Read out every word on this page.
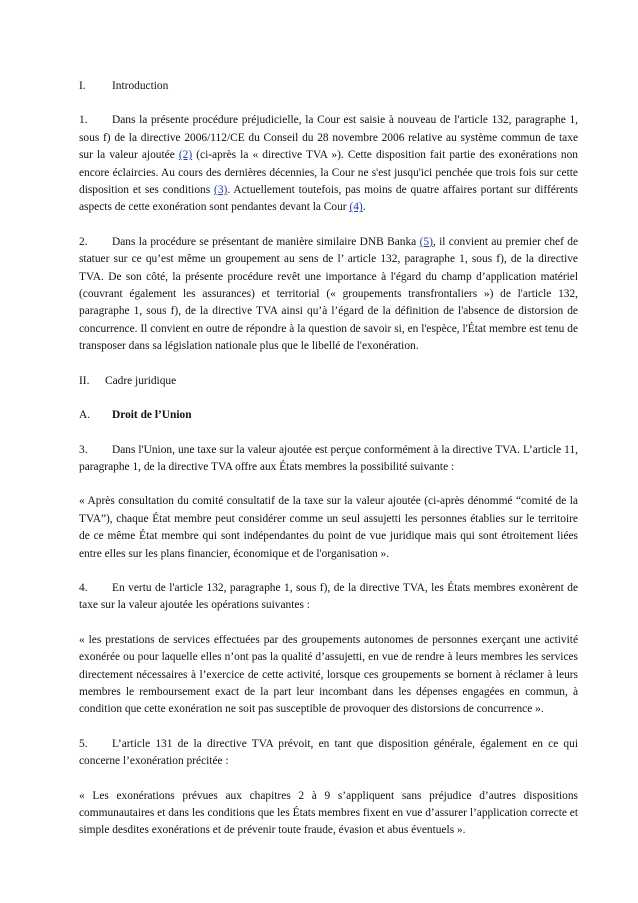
I. Introduction

1. Dans la présente procédure préjudicielle, la Cour est saisie à nouveau de l'article 132, paragraphe 1, sous f) de la directive 2006/112/CE du Conseil du 28 novembre 2006 relative au système commun de taxe sur la valeur ajoutée (2) (ci-après la « directive TVA »). Cette disposition fait partie des exonérations non encore éclaircies. Au cours des dernières décennies, la Cour ne s'est jusqu'ici penchée que trois fois sur cette disposition et ses conditions (3). Actuellement toutefois, pas moins de quatre affaires portant sur différents aspects de cette exonération sont pendantes devant la Cour (4).

2. Dans la procédure se présentant de manière similaire DNB Banka (5), il convient au premier chef de statuer sur ce qu’est même un groupement au sens de l’ article 132, paragraphe 1, sous f), de la directive TVA. De son côté, la présente procédure revêt une importance à l'égard du champ d’application matériel (couvrant également les assurances) et territorial (« groupements transfrontaliers ») de l'article 132, paragraphe 1, sous f), de la directive TVA ainsi qu’à l’égard de la définition de l'absence de distorsion de concurrence. Il convient en outre de répondre à la question de savoir si, en l'espèce, l'État membre est tenu de transposer dans sa législation nationale plus que le libellé de l'exonération.

II. Cadre juridique

A. Droit de l’Union

3. Dans l'Union, une taxe sur la valeur ajoutée est perçue conformément à la directive TVA. L’article 11, paragraphe 1, de la directive TVA offre aux États membres la possibilité suivante :

« Après consultation du comité consultatif de la taxe sur la valeur ajoutée (ci-après dénommé “comité de la TVA”), chaque État membre peut considérer comme un seul assujetti les personnes établies sur le territoire de ce même État membre qui sont indépendantes du point de vue juridique mais qui sont étroitement liées entre elles sur les plans financier, économique et de l'organisation ».

4. En vertu de l'article 132, paragraphe 1, sous f), de la directive TVA, les États membres exonèrent de taxe sur la valeur ajoutée les opérations suivantes :

« les prestations de services effectuées par des groupements autonomes de personnes exerçant une activité exonérée ou pour laquelle elles n’ont pas la qualité d’assujetti, en vue de rendre à leurs membres les services directement nécessaires à l’exercice de cette activité, lorsque ces groupements se bornent à réclamer à leurs membres le remboursement exact de la part leur incombant dans les dépenses engagées en commun, à condition que cette exonération ne soit pas susceptible de provoquer des distorsions de concurrence ».

5. L’article 131 de la directive TVA prévoit, en tant que disposition générale, également en ce qui concerne l’exonération précitée :

« Les exonérations prévues aux chapitres 2 à 9 s’appliquent sans préjudice d’autres dispositions communautaires et dans les conditions que les États membres fixent en vue d’assurer l’application correcte et simple desdites exonérations et de prévenir toute fraude, évasion et abus éventuels ».
